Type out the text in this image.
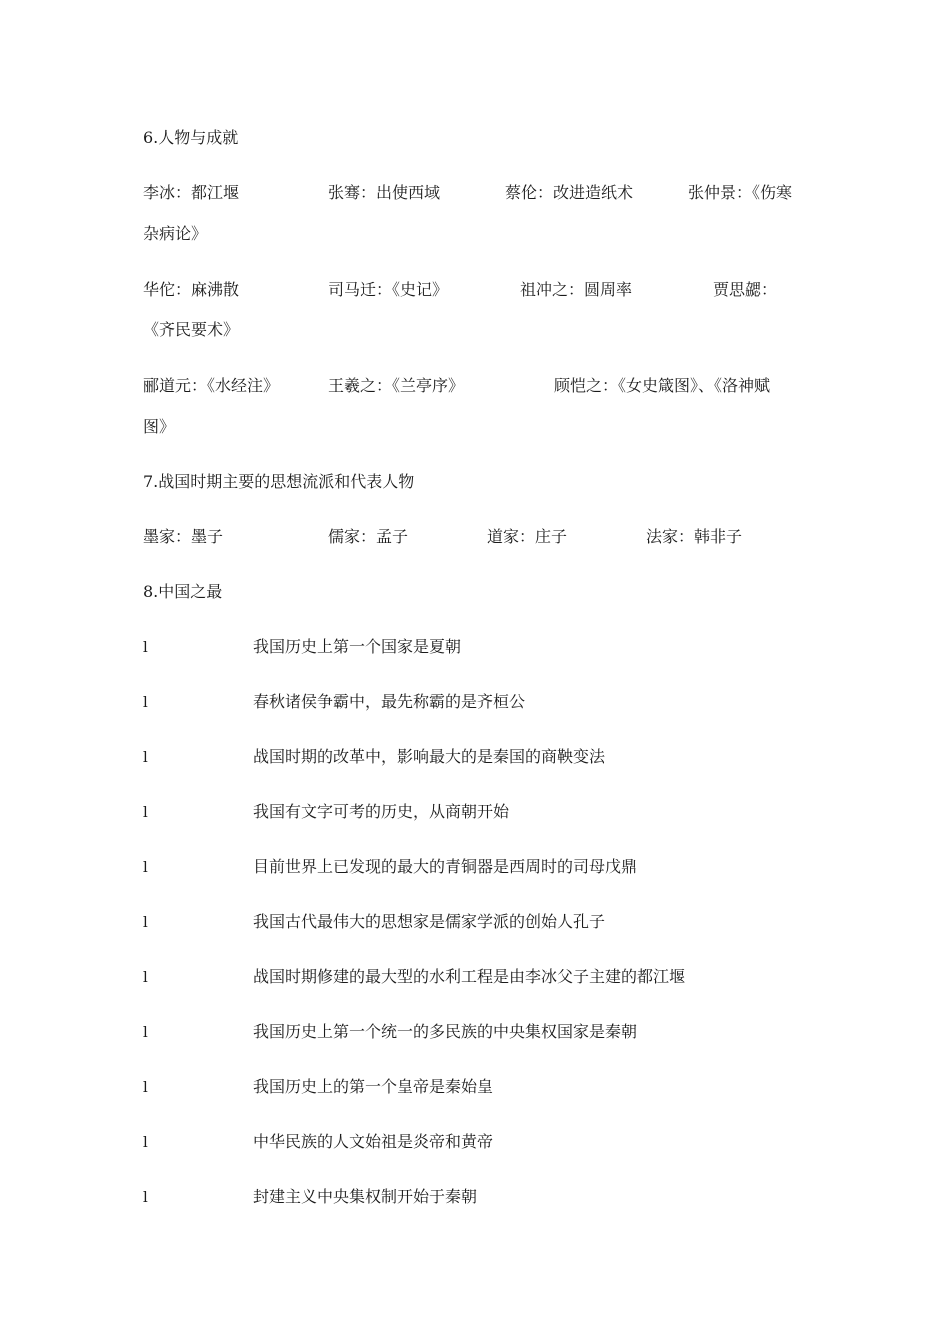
6.人物与成就
李冰：都江堰	张骞：出使西域	蔡伦：改进造纸术	张仲景：《伤寒
杂病论》
华佗：麻沸散	司马迁：《史记》	祖冲之：圆周率	贾思勰：
《齐民要术》
郦道元：《水经注》	王羲之：《兰亭序》	顾恺之：《女史箴图》、《洛神赋
图》
7.战国时期主要的思想流派和代表人物
墨家：墨子	儒家：孟子	道家：庄子	法家：韩非子
8.中国之最
l	我国历史上第一个国家是夏朝
l	春秋诸侯争霸中，最先称霸的是齐桓公
l	战国时期的改革中，影响最大的是秦国的商鞅变法
l	我国有文字可考的历史，从商朝开始
l	目前世界上已发现的最大的青铜器是西周时的司母戊鼎
l	我国古代最伟大的思想家是儒家学派的创始人孔子
l	战国时期修建的最大型的水利工程是由李冰父子主建的都江堰
l	我国历史上第一个统一的多民族的中央集权国家是秦朝
l	我国历史上的第一个皇帝是秦始皇
l	中华民族的人文始祖是炎帝和黄帝
l	封建主义中央集权制开始于秦朝
